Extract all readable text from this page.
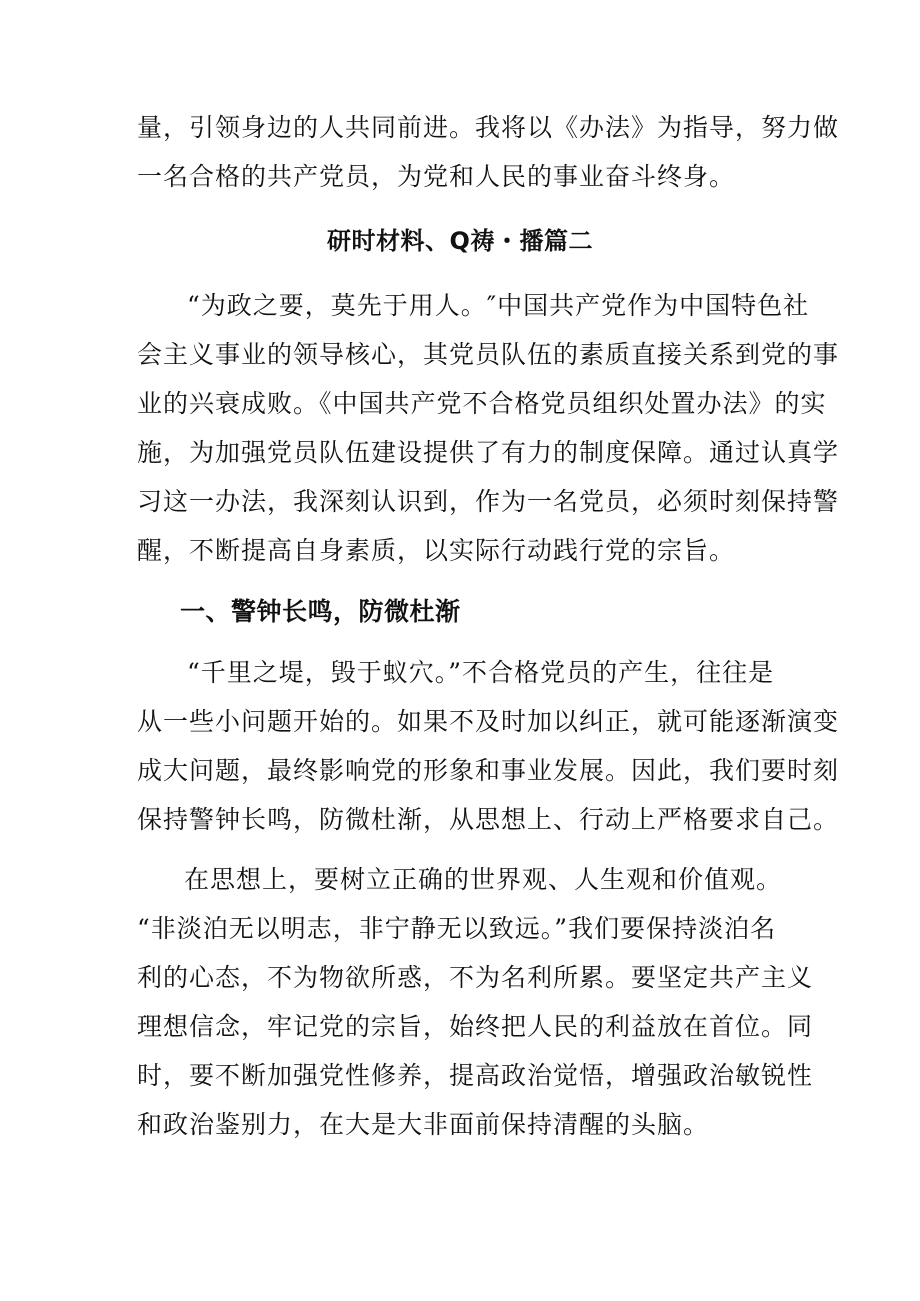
量，引领身边的人共同前进。我将以《办法》为指导，努力做
一名合格的共产党员，为党和人民的事业奋斗终身。
研时材料、Q祷・播篇二
“为政之要，莫先于用人。″中国共产党作为中国特色社
会主义事业的领导核心，其党员队伍的素质直接关系到党的事
业的兴衰成败。《中国共产党不合格党员组织处置办法》的实
施，为加强党员队伍建设提供了有力的制度保障。通过认真学
习这一办法，我深刻认识到，作为一名党员，必须时刻保持警
醒，不断提高自身素质，以实际行动践行党的宗旨。
一、警钟长鸣，防微杜渐
“千里之堤，毁于蚁穴。”不合格党员的产生，往往是
从一些小问题开始的。如果不及时加以纠正，就可能逐渐演变
成大问题，最终影响党的形象和事业发展。因此，我们要时刻
保持警钟长鸣，防微杜渐，从思想上、行动上严格要求自己。
在思想上，要树立正确的世界观、人生观和价值观。
“非淡泊无以明志，非宁静无以致远。”我们要保持淡泊名
利的心态，不为物欲所惑，不为名利所累。要坚定共产主义
理想信念，牢记党的宗旨，始终把人民的利益放在首位。同
时，要不断加强党性修养，提高政治觉悟，增强政治敏锐性
和政治鉴别力，在大是大非面前保持清醒的头脑。
